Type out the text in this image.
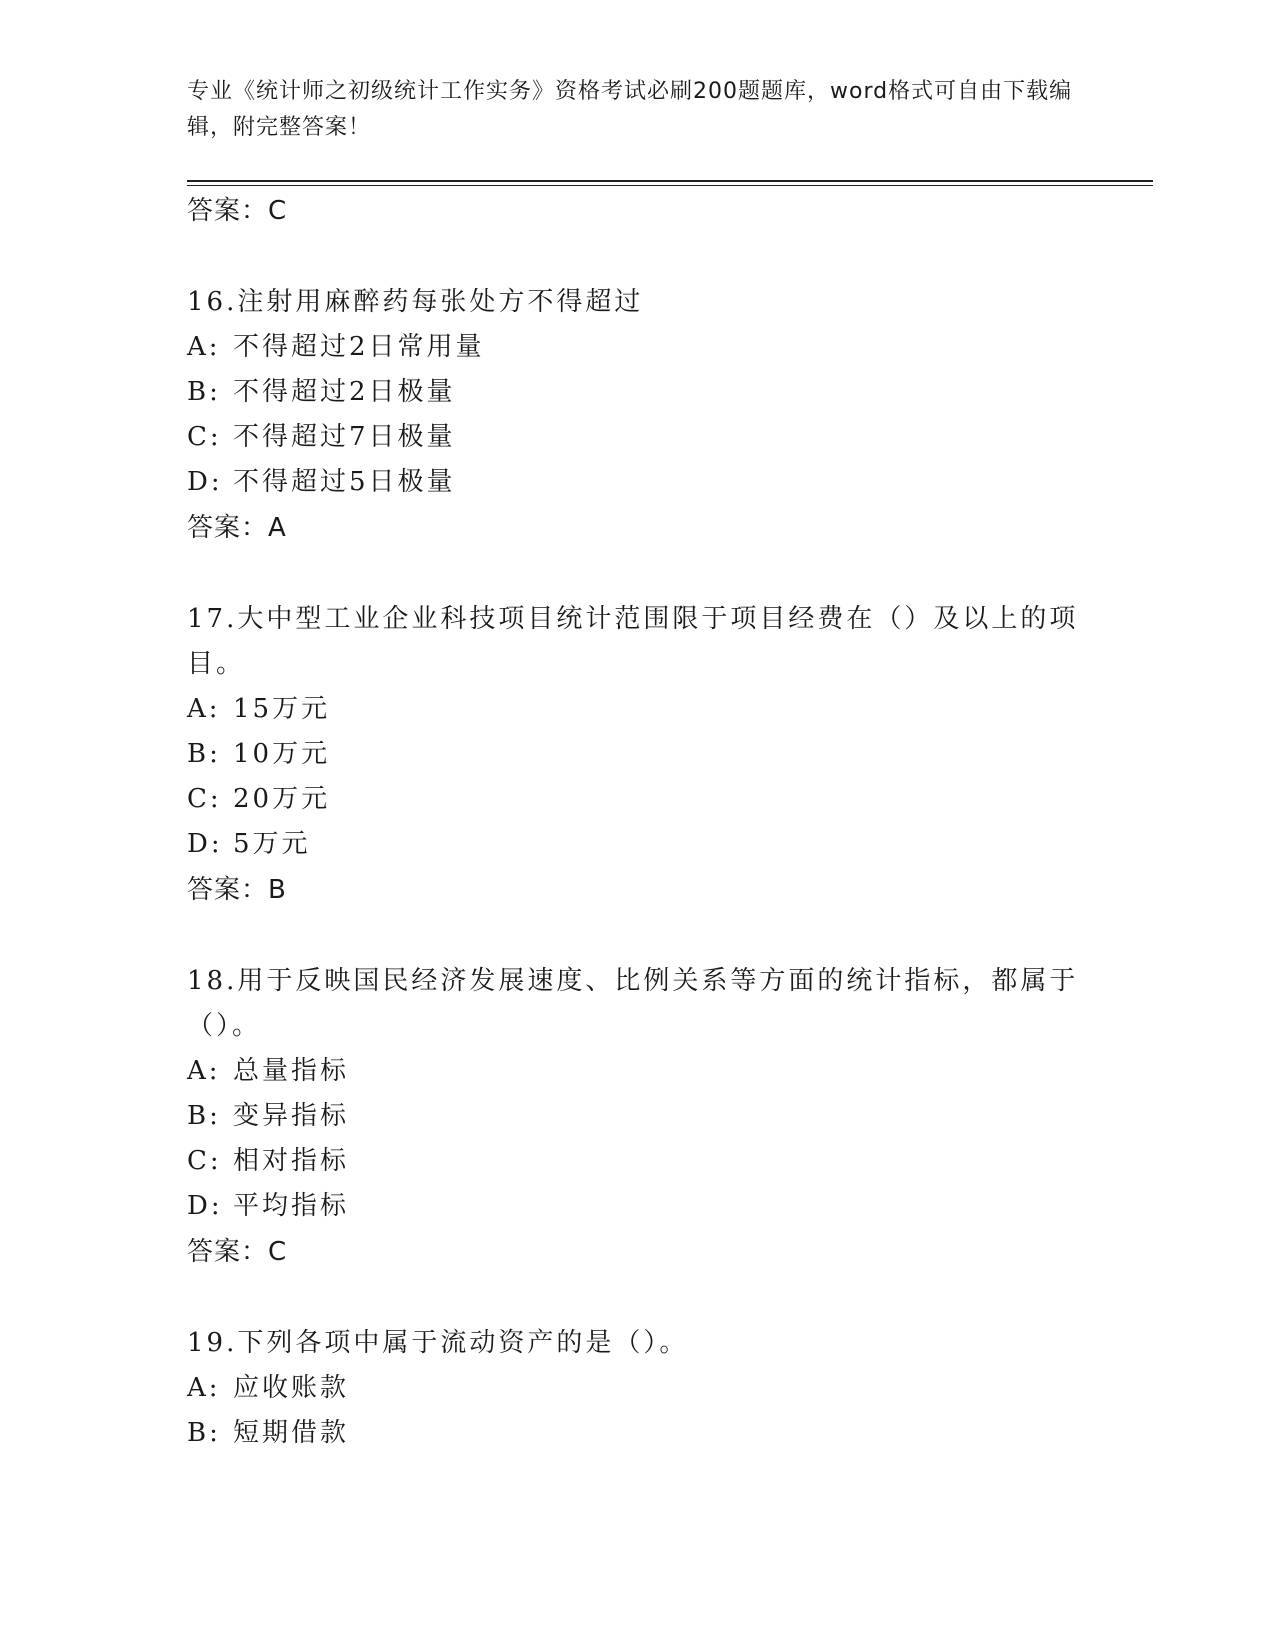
专业《统计师之初级统计工作实务》资格考试必刷200题题库，word格式可自由下载编辑，附完整答案！
答案：C
16.注射用麻醉药每张处方不得超过
A: 不得超过2日常用量
B: 不得超过2日极量
C: 不得超过7日极量
D: 不得超过5日极量
答案：A
17.大中型工业企业科技项目统计范围限于项目经费在（）及以上的项目。
A: 15万元
B: 10万元
C: 20万元
D: 5万元
答案：B
18.用于反映国民经济发展速度、比例关系等方面的统计指标，都属于（）。
A: 总量指标
B: 变异指标
C: 相对指标
D: 平均指标
答案：C
19.下列各项中属于流动资产的是（）。
A: 应收账款
B: 短期借款
